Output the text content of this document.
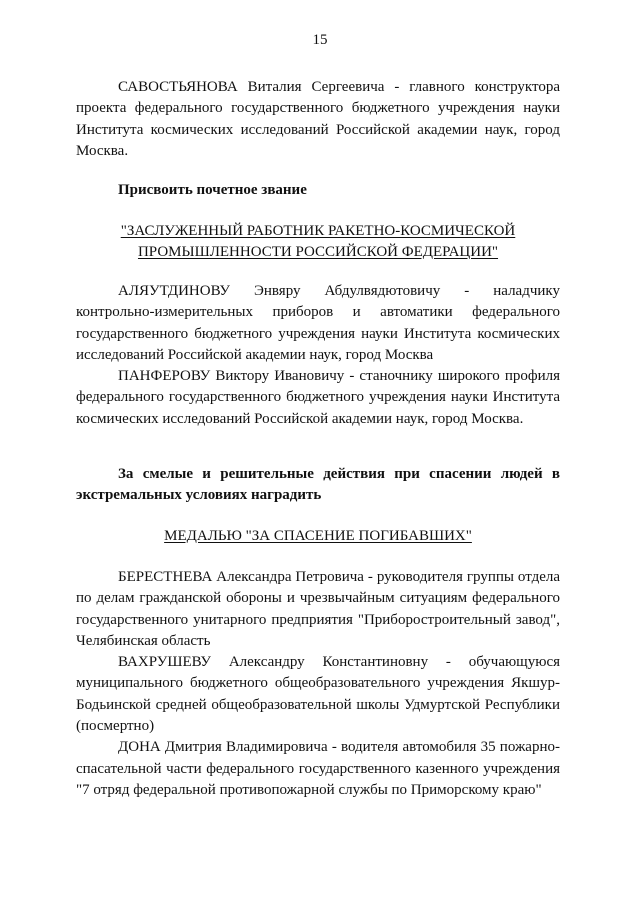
15

САВОСТЬЯНОВА Виталия Сергеевича - главного конструктора проекта федерального государственного бюджетного учреждения науки Института космических исследований Российской академии наук, город Москва.

Присвоить почетное звание

"ЗАСЛУЖЕННЫЙ РАБОТНИК РАКЕТНО-КОСМИЧЕСКОЙ
ПРОМЫШЛЕННОСТИ РОССИЙСКОЙ ФЕДЕРАЦИИ"

АЛЯУТДИНОВУ Энвяру Абдулвядютовичу - наладчику контрольно-измерительных приборов и автоматики федерального государственного бюджетного учреждения науки Института космических исследований Российской академии наук, город Москва

ПАНФЕРОВУ Виктору Ивановичу - станочнику широкого профиля федерального государственного бюджетного учреждения науки Института космических исследований Российской академии наук, город Москва.

За смелые и решительные действия при спасении людей в экстремальных условиях наградить

МЕДАЛЬЮ "ЗА СПАСЕНИЕ ПОГИБАВШИХ"

БЕРЕСТНЕВА Александра Петровича - руководителя группы отдела по делам гражданской обороны и чрезвычайным ситуациям федерального государственного унитарного предприятия "Приборостроительный завод", Челябинская область

ВАХРУШЕВУ Александру Константиновну - обучающуюся муниципального бюджетного общеобразовательного учреждения Якшур-Бодьинской средней общеобразовательной школы Удмуртской Республики (посмертно)

ДОНА Дмитрия Владимировича - водителя автомобиля 35 пожарно-спасательной части федерального государственного казенного учреждения "7 отряд федеральной противопожарной службы по Приморскому краю"
